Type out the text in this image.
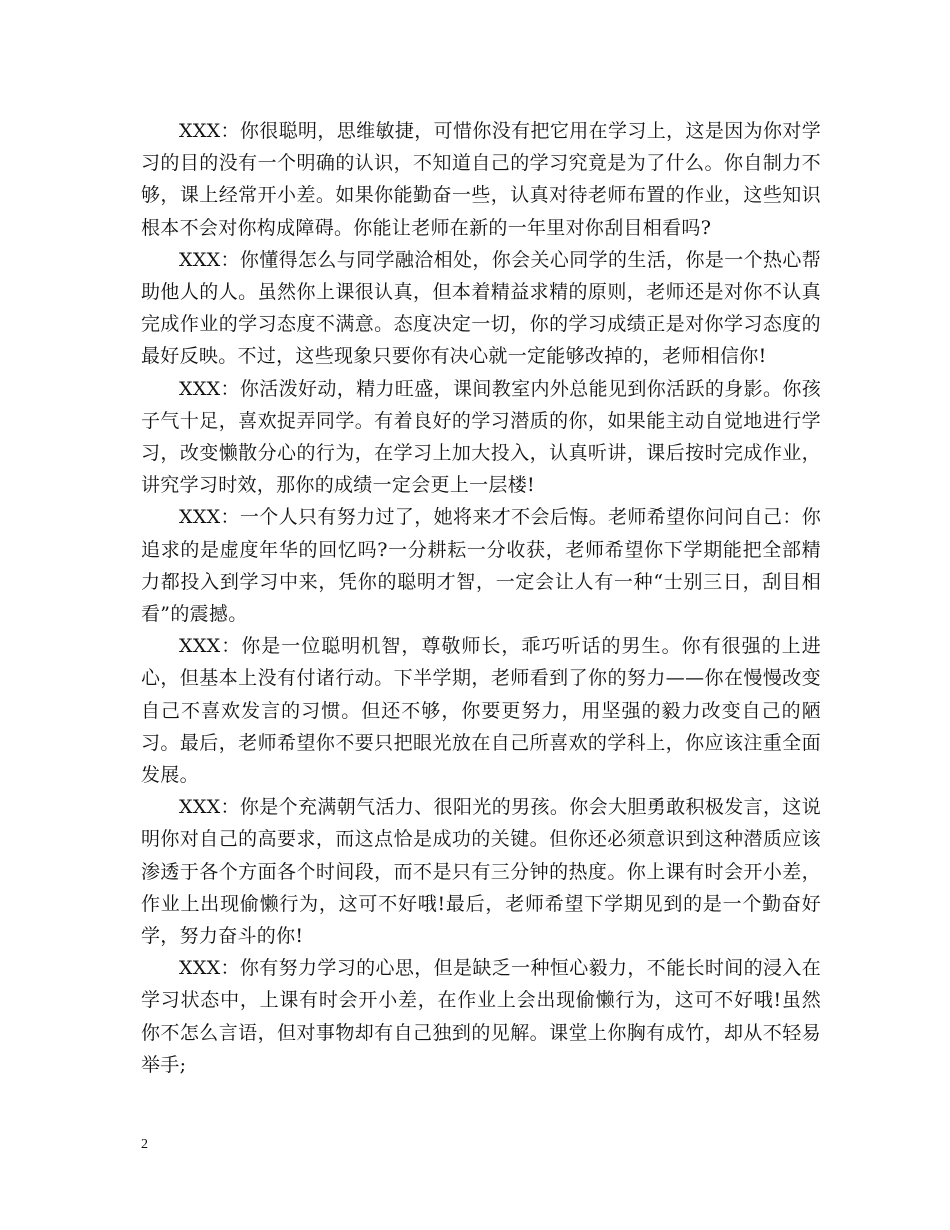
XXX：你很聪明，思维敏捷，可惜你没有把它用在学习上，这是因为你对学习的目的没有一个明确的认识，不知道自己的学习究竟是为了什么。你自制力不够，课上经常开小差。如果你能勤奋一些，认真对待老师布置的作业，这些知识根本不会对你构成障碍。你能让老师在新的一年里对你刮目相看吗?

XXX：你懂得怎么与同学融洽相处，你会关心同学的生活，你是一个热心帮助他人的人。虽然你上课很认真，但本着精益求精的原则，老师还是对你不认真完成作业的学习态度不满意。态度决定一切，你的学习成绩正是对你学习态度的最好反映。不过，这些现象只要你有决心就一定能够改掉的，老师相信你!

XXX：你活泼好动，精力旺盛，课间教室内外总能见到你活跃的身影。你孩子气十足，喜欢捉弄同学。有着良好的学习潜质的你，如果能主动自觉地进行学习，改变懒散分心的行为，在学习上加大投入，认真听讲，课后按时完成作业，讲究学习时效，那你的成绩一定会更上一层楼!

XXX：一个人只有努力过了，她将来才不会后悔。老师希望你问问自己：你追求的是虚度年华的回忆吗?一分耕耘一分收获，老师希望你下学期能把全部精力都投入到学习中来，凭你的聪明才智，一定会让人有一种“士别三日，刮目相看”的震撼。

XXX：你是一位聪明机智，尊敬师长，乖巧听话的男生。你有很强的上进心，但基本上没有付诸行动。下半学期，老师看到了你的努力——你在慢慢改变自己不喜欢发言的习惯。但还不够，你要更努力，用坚强的毅力改变自己的陋习。最后，老师希望你不要只把眼光放在自己所喜欢的学科上，你应该注重全面发展。

XXX：你是个充满朝气活力、很阳光的男孩。你会大胆勇敢积极发言，这说明你对自己的高要求，而这点恰是成功的关键。但你还必须意识到这种潜质应该渗透于各个方面各个时间段，而不是只有三分钟的热度。你上课有时会开小差，作业上出现偷懒行为，这可不好哦!最后，老师希望下学期见到的是一个勤奋好学，努力奋斗的你!

XXX：你有努力学习的心思，但是缺乏一种恒心毅力，不能长时间的浸入在学习状态中，上课有时会开小差，在作业上会出现偷懒行为，这可不好哦!虽然你不怎么言语，但对事物却有自己独到的见解。课堂上你胸有成竹，却从不轻易举手;

2
